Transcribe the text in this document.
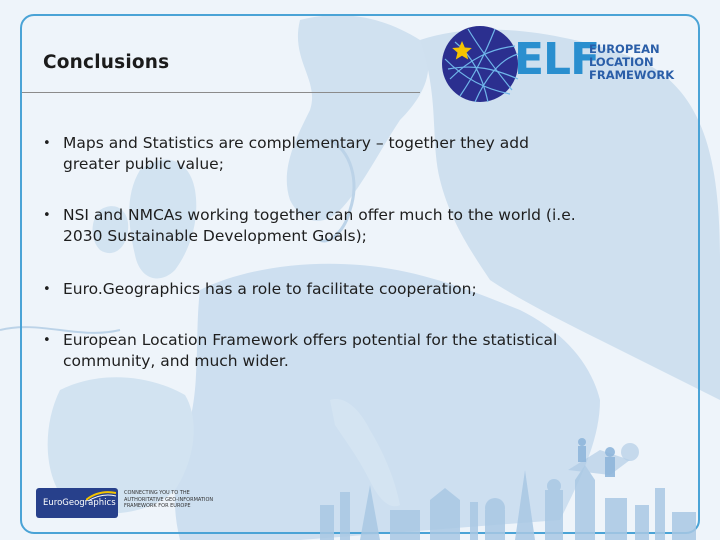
Conclusions	ELF
EUROPEAN
LOCATION
FRAMEWORK
• Maps and Statistics are complementary – together they add
greater public value;
• NSI and NMCAs working together can offer much to the world (i.e.
2030 Sustainable Development Goals);
• Euro.Geographics has a role to facilitate cooperation;
• European Location Framework offers potential for the statistical
community, and much wider.
EuroGeographics
CONNECTING YOU TO THE
AUTHORITATIVE GEO-INFORMATION
FRAMEWORK FOR EUROPE
